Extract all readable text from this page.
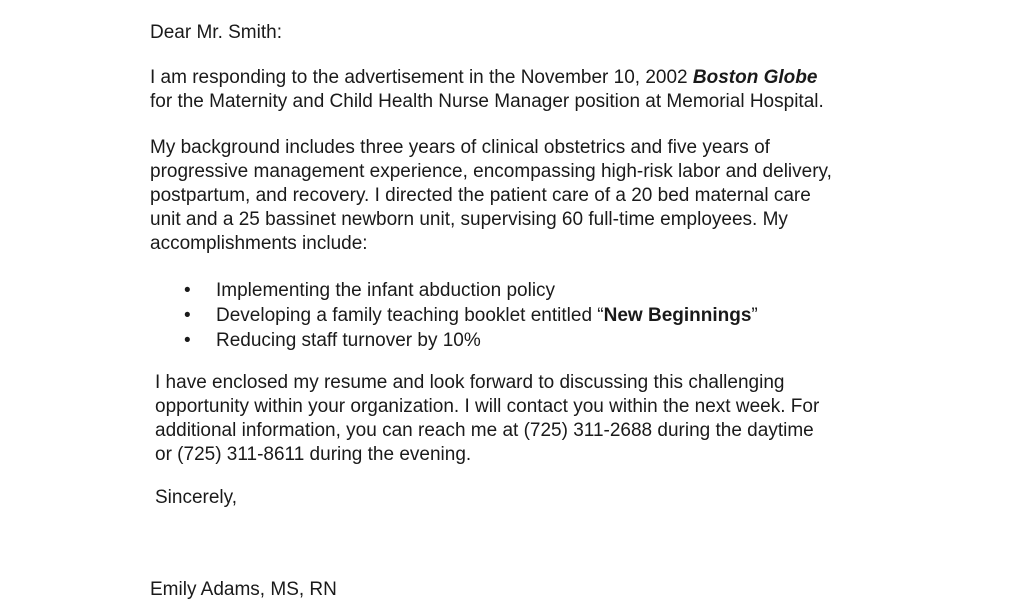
Dear Mr. Smith:
I am responding to the advertisement in the November 10, 2002 Boston Globe
for the Maternity and Child Health Nurse Manager position at Memorial Hospital.
My background includes three years of clinical obstetrics and five years of
progressive management experience, encompassing high-risk labor and delivery,
postpartum, and recovery. I directed the patient care of a 20 bed maternal care
unit and a 25 bassinet newborn unit, supervising 60 full-time employees. My
accomplishments include:
• Implementing the infant abduction policy
• Developing a family teaching booklet entitled “New Beginnings”
• Reducing staff turnover by 10%
I have enclosed my resume and look forward to discussing this challenging
opportunity within your organization. I will contact you within the next week. For
additional information, you can reach me at (725) 311-2688 during the daytime
or (725) 311-8611 during the evening.
Sincerely,
Emily Adams, MS, RN
